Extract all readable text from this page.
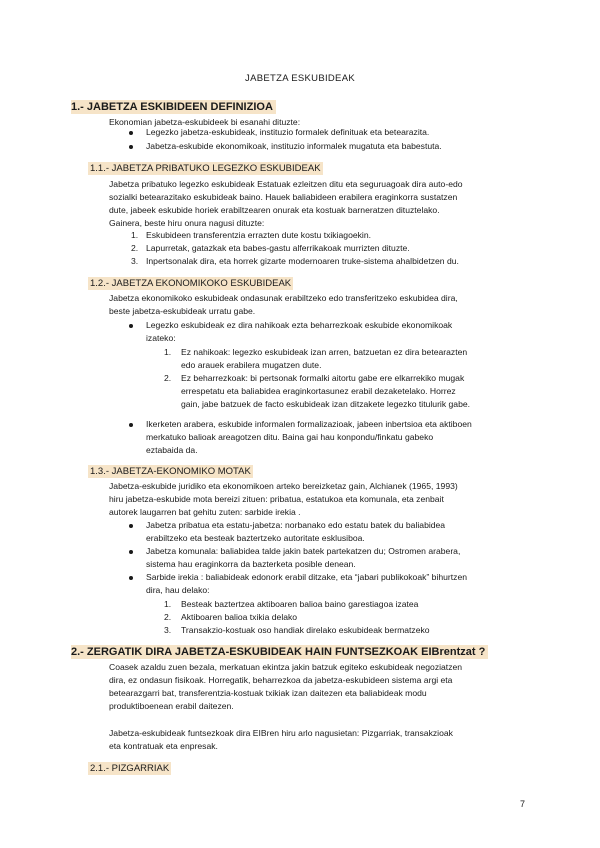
JABETZA ESKUBIDEAK
1.- JABETZA ESKIBIDEEN DEFINIZIOA
Ekonomian jabetza-eskubideek bi esanahi dituzte:
Legezko jabetza-eskubideak, instituzio formalek definituak eta betearazita.
Jabetza-eskubide ekonomikoak, instituzio informalek mugatuta eta babestuta.
1.1.- JABETZA PRIBATUKO LEGEZKO ESKUBIDEAK
Jabetza pribatuko legezko eskubideak Estatuak ezleitzen ditu eta seguruagoak dira auto-edo
sozialki betearazitako eskubideak baino. Hauek baliabideen erabilera eraginkorra sustatzen
dute, jabeek eskubide horiek erabiltzearen onurak eta kostuak barneratzen dituztelako.
Gainera, beste hiru onura nagusi dituzte:
1. Eskubideen transferentzia errazten dute kostu txikiagoekin.
2. Lapurretak, gatazkak eta babes-gastu alferrikakoak murrizten dituzte.
3. Inpertsonalak dira, eta horrek gizarte modernoaren truke-sistema ahalbidetzen du.
1.2.- JABETZA EKONOMIKOKO ESKUBIDEAK
Jabetza ekonomikoko eskubideak ondasunak erabiltzeko edo transferitzeko eskubidea dira,
beste jabetza-eskubideak urratu gabe.
Legezko eskubideak ez dira nahikoak ezta beharrezkoak eskubide ekonomikoak
izateko:
1. Ez nahikoak: legezko eskubideak izan arren, batzuetan ez dira betearazten
edo arauek erabilera mugatzen dute.
2. Ez beharrezkoak: bi pertsonak formalki aitortu gabe ere elkarrekiko mugak
errespetatu eta baliabidea eraginkortasunez erabil dezaketelako. Horrez
gain, jabe batzuek de facto eskubideak izan ditzakete legezko titulurik gabe.
Ikerketen arabera, eskubide informalen formalizazioak, jabeen inbertsioa eta aktiboen
merkatuko balioak areagotzen ditu. Baina gai hau konpondu/finkatu gabeko
eztabaida da.
1.3.- JABETZA-EKONOMIKO MOTAK
Jabetza-eskubide juridiko eta ekonomikoen arteko bereizketaz gain, Alchianek (1965, 1993)
hiru jabetza-eskubide mota bereizi zituen: pribatua, estatukoa eta komunala, eta zenbait
autorek laugarren bat gehitu zuten: sarbide irekia .
Jabetza pribatua eta estatu-jabetza: norbanako edo estatu batek du baliabidea
erabiltzeko eta besteak baztertzeko autoritate esklusiboa.
Jabetza komunala: baliabidea talde jakin batek partekatzen du; Ostromen arabera,
sistema hau eraginkorra da bazterketa posible denean.
Sarbide irekia : baliabideak edonork erabil ditzake, eta “jabari publikokoak” bihurtzen
dira, hau delako:
1. Besteak baztertzea aktiboaren balioa baino garestiagoa izatea
2. Aktiboaren balioa txikia delako
3. Transakzio-kostuak oso handiak direlako eskubideak bermatzeko
2.- ZERGATIK DIRA JABETZA-ESKUBIDEAK HAIN FUNTSEZKOAK EIBrentzat ?
Coasek azaldu zuen bezala, merkatuan ekintza jakin batzuk egiteko eskubideak negoziatzen
dira, ez ondasun fisikoak. Horregatik, beharrezkoa da jabetza-eskubideen sistema argi eta
betearazgarri bat, transferentzia-kostuak txikiak izan daitezen eta baliabideak modu
produktiboenean erabil daitezen.
Jabetza-eskubideak funtsezkoak dira EIBren hiru arlo nagusietan: Pizgarriak, transakzioak
eta kontratuak eta enpresak.
2.1.- PIZGARRIAK
7
